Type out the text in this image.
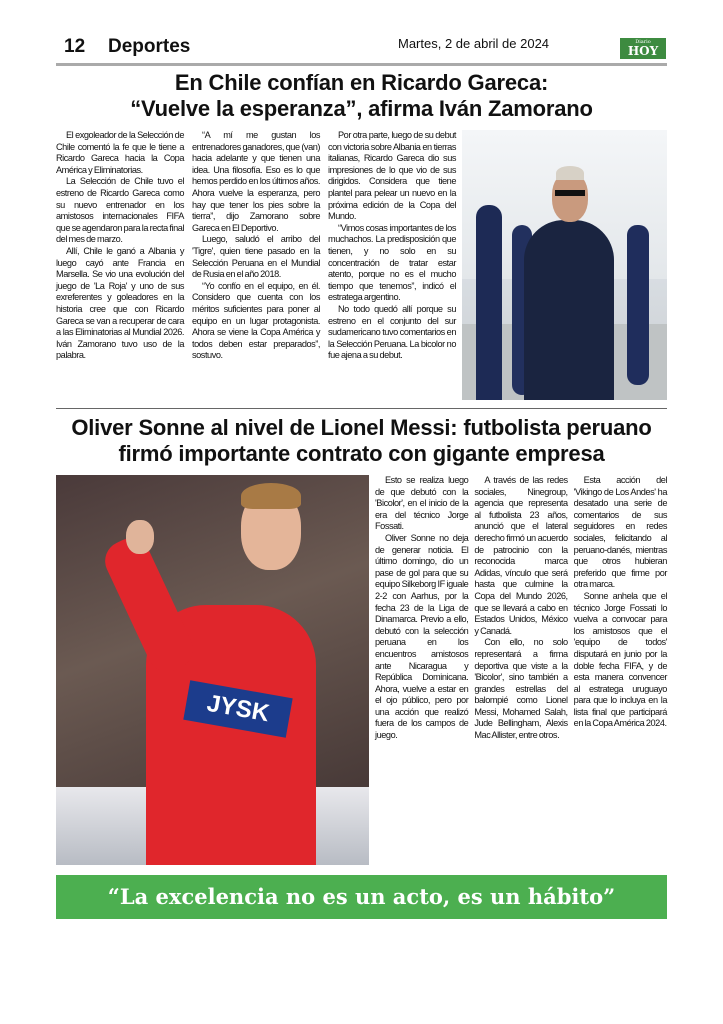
12 Deportes	Martes, 2 de abril de 2024	Diario
HOY
En Chile confían en Ricardo Gareca:
“Vuelve la esperanza”, afirma Iván Zamorano

El exgoleador de la Selección de Chile comentó la fe que le tiene a Ricardo Gareca hacia la Copa América y Eliminatorias.

La Selección de Chile tuvo el estreno de Ricardo Gareca como su nuevo entrenador en los amistosos internacionales FIFA que se agendaron para la recta final del mes de marzo.

Allí, Chile le ganó a Albania y luego cayó ante Francia en Marsella. Se vio una evolución del juego de 'La Roja' y uno de sus exreferentes y goleadores en la historia cree que con Ricardo Gareca se van a recuperar de cara a las Eliminatorias al Mundial 2026. Iván Zamorano tuvo uso de la palabra.

“A mí me gustan los entrenadores ganadores, que (van) hacia adelante y que tienen una idea. Una filosofía. Eso es lo que hemos perdido en los últimos años. Ahora vuelve la esperanza, pero hay que tener los pies sobre la tierra”, dijo Zamorano sobre Gareca en El Deportivo.

Luego, saludó el arribo del 'Tigre', quien tiene pasado en la Selección Peruana en el Mundial de Rusia en el año 2018.

“Yo confío en el equipo, en él. Considero que cuenta con los méritos suficientes para poner al equipo en un lugar protagonista. Ahora se viene la Copa América y todos deben estar preparados”, sostuvo.

Por otra parte, luego de su debut con victoria sobre Albania en tierras italianas, Ricardo Gareca dio sus impresiones de lo que vio de sus dirigidos. Considera que tiene plantel para pelear un nuevo en la próxima edición de la Copa del Mundo.

“Vimos cosas importantes de los muchachos. La predisposición que tienen, y no solo en su concentración de tratar estar atento, porque no es el mucho tiempo que tenemos”, indicó el estratega argentino.

No todo quedó allí porque su estreno en el conjunto del sur sudamericano tuvo comentarios en la Selección Peruana. La bicolor no fue ajena a su debut.

Oliver Sonne al nivel de Lionel Messi: futbolista peruano
firmó importante contrato con gigante empresa
JYSK

Esto se realiza luego de que debutó con la 'Bicolor', en el inicio de la era del técnico Jorge Fossati.

Oliver Sonne no deja de generar noticia. El último domingo, dio un pase de gol para que su equipo Silkeborg IF iguale 2-2 con Aarhus, por la fecha 23 de la Liga de Dinamarca. Previo a ello, debutó con la selección peruana en los encuentros amistosos ante Nicaragua y República Dominicana. Ahora, vuelve a estar en el ojo público, pero por una acción que realizó fuera de los campos de juego.

A través de las redes sociales, Ninegroup, agencia que representa al futbolista 23 años, anunció que el lateral derecho firmó un acuerdo de patrocinio con la reconocida marca Adidas, vínculo que será hasta que culmine la Copa del Mundo 2026, que se llevará a cabo en Estados Unidos, México y Canadá.

Con ello, no solo representará a firma deportiva que viste a la 'Bicolor', sino también a grandes estrellas del balompié como Lionel Messi, Mohamed Salah, Jude Bellingham, Alexis Mac Allister, entre otros.

Esta acción del 'Vikingo de Los Andes' ha desatado una serie de comentarios de sus seguidores en redes sociales, felicitando al peruano-danés, mientras que otros hubieran preferido que firme por otra marca.

Sonne anhela que el técnico Jorge Fossati lo vuelva a convocar para los amistosos que el 'equipo de todos' disputará en junio por la doble fecha FIFA, y de esta manera convencer al estratega uruguayo para que lo incluya en la lista final que participará en la Copa América 2024.

“La excelencia no es un acto, es un hábito”
